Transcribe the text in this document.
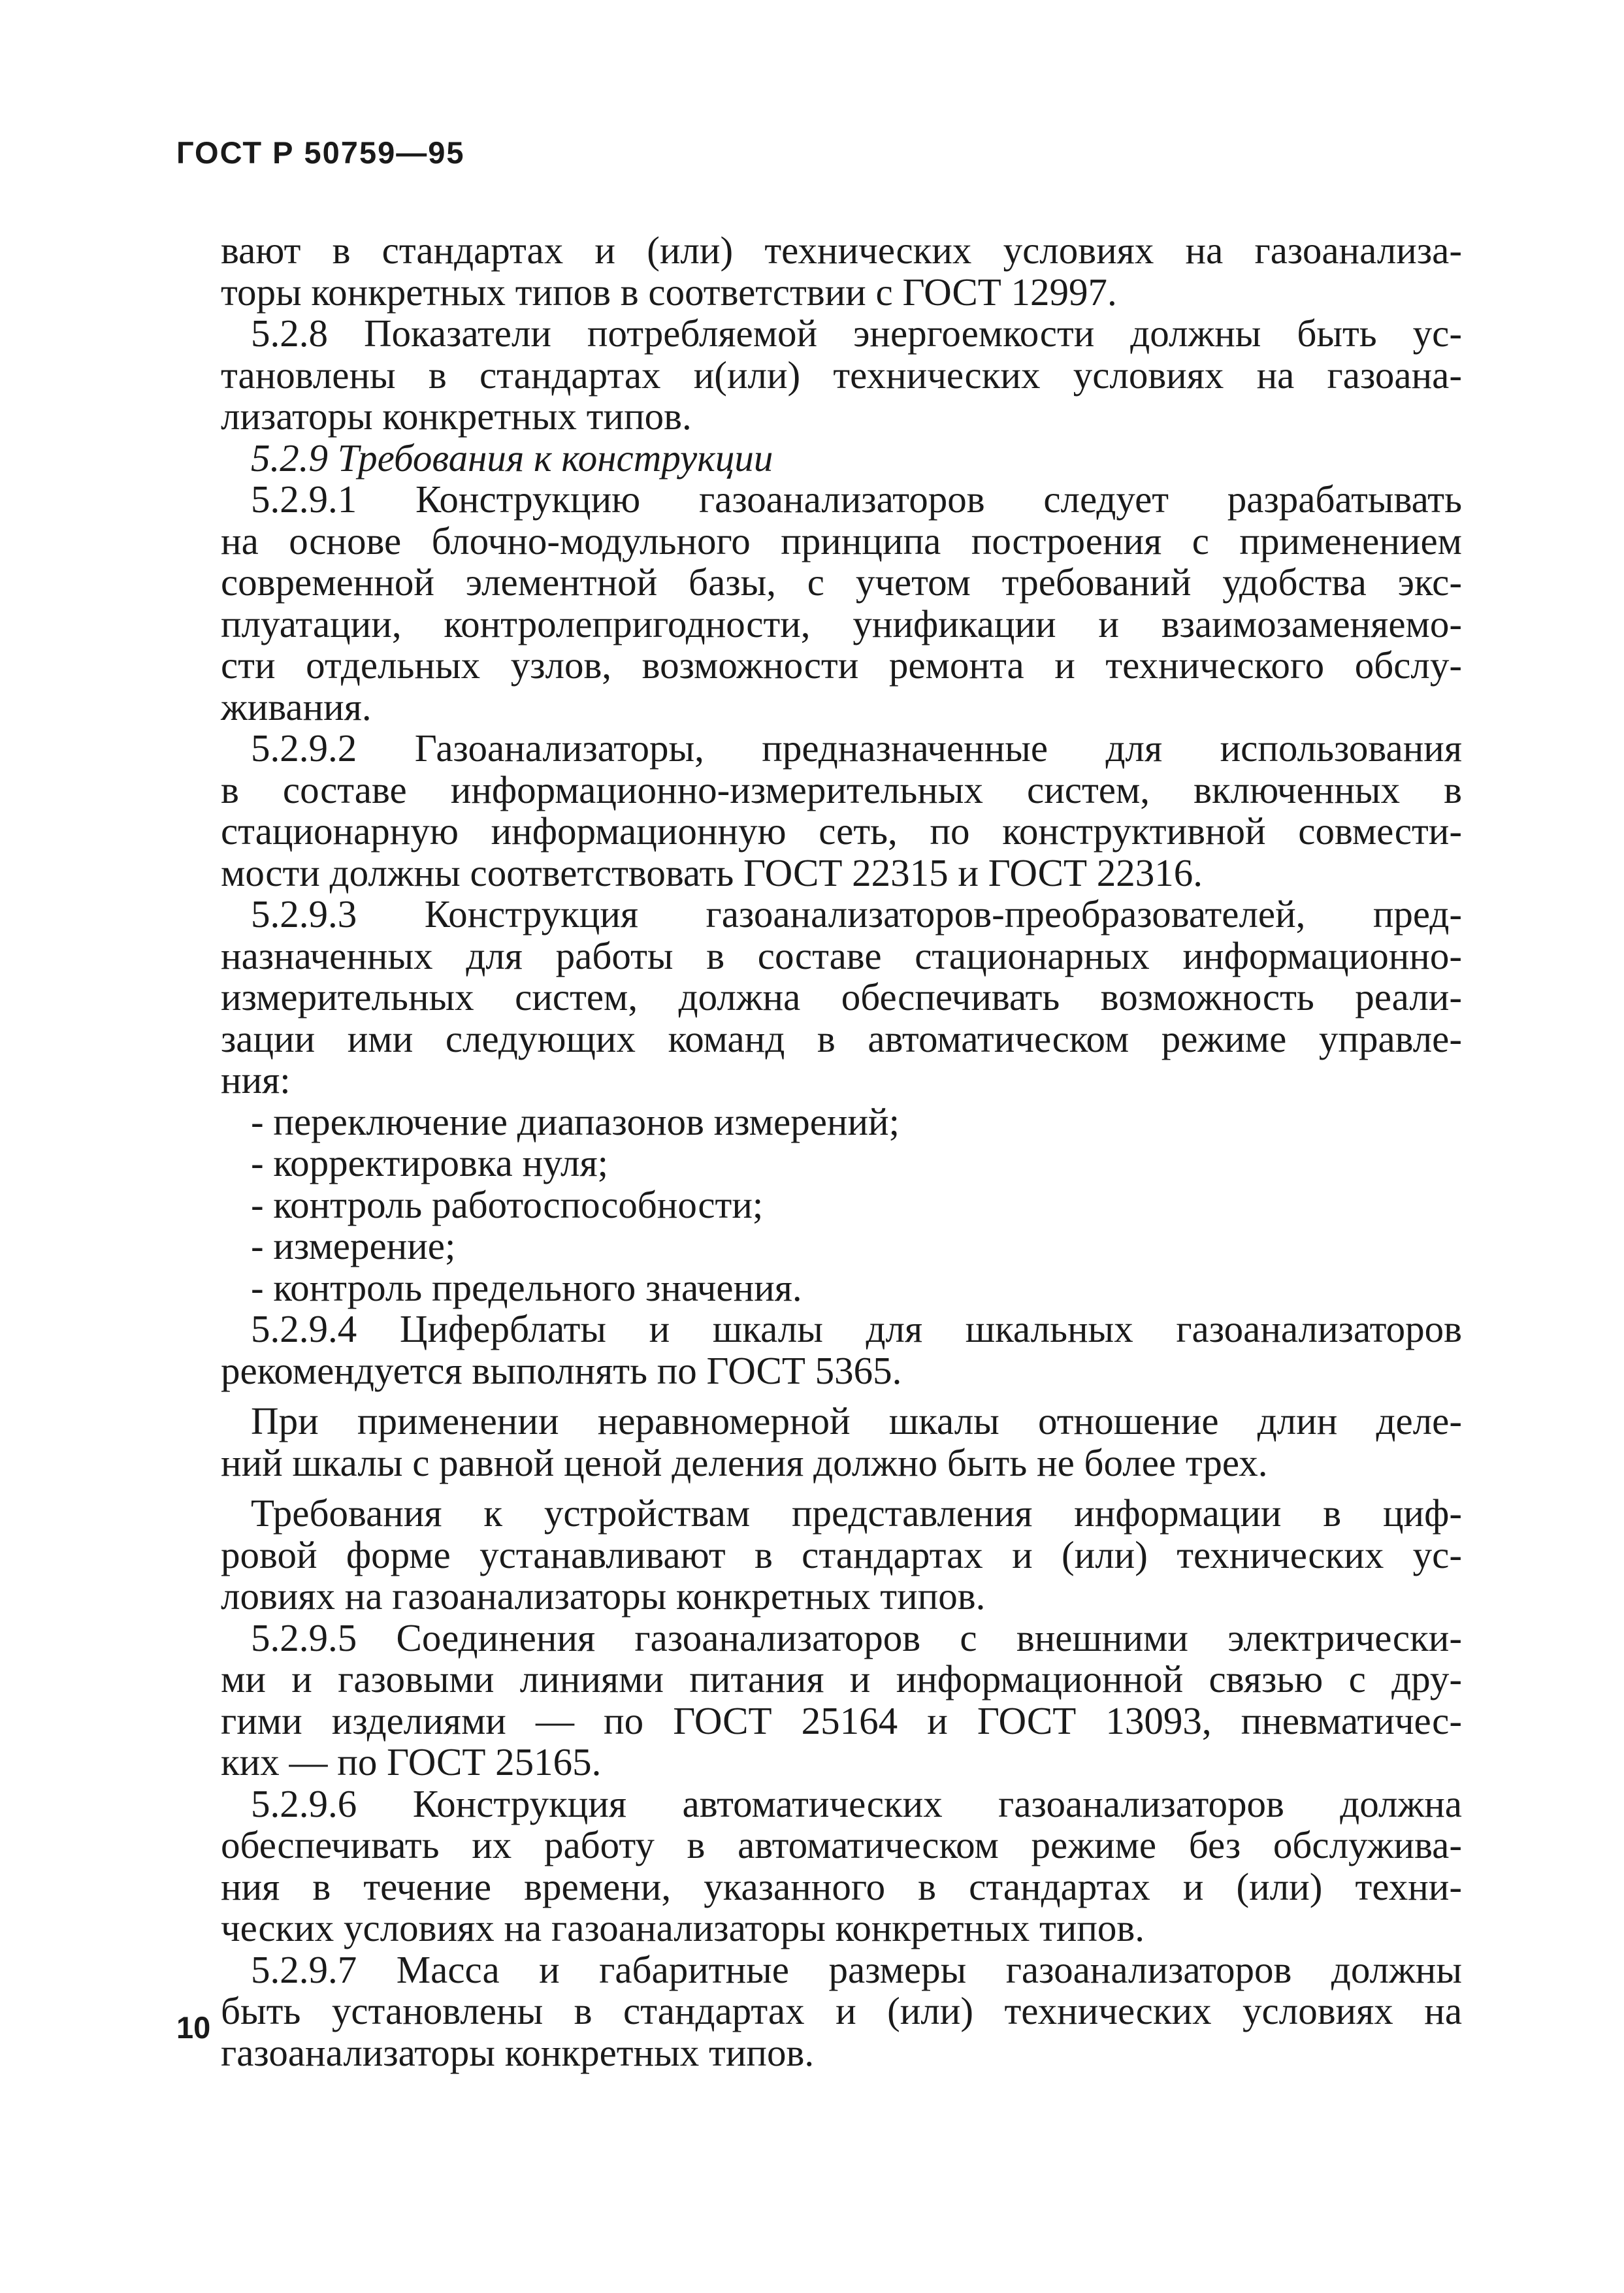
ГОСТ Р 50759—95
вают в стандартах и (или) технических условиях на газоанализа-
торы конкретных типов в соответствии с ГОСТ 12997.
5.2.8 Показатели потребляемой энергоемкости должны быть ус-
тановлены в стандартах и(или) технических условиях на газоана-
лизаторы конкретных типов.
5.2.9 Требования к конструкции
5.2.9.1 Конструкцию газоанализаторов следует разрабатывать
на основе блочно-модульного принципа построения с применением
современной элементной базы, с учетом требований удобства экс-
плуатации, контролепригодности, унификации и взаимозаменяемо-
сти отдельных узлов, возможности ремонта и технического обслу-
живания.
5.2.9.2 Газоанализаторы, предназначенные для использования
в составе информационно-измерительных систем, включенных в
стационарную информационную сеть, по конструктивной совмести-
мости должны соответствовать ГОСТ 22315 и ГОСТ 22316.
5.2.9.3 Конструкция газоанализаторов-преобразователей, пред-
назначенных для работы в составе стационарных информационно-
измерительных систем, должна обеспечивать возможность реали-
зации ими следующих команд в автоматическом режиме управле-
ния:
- переключение диапазонов измерений;
- корректировка нуля;
- контроль работоспособности;
- измерение;
- контроль предельного значения.
5.2.9.4 Циферблаты и шкалы для шкальных газоанализаторов
рекомендуется выполнять по ГОСТ 5365.
При применении неравномерной шкалы отношение длин деле-
ний шкалы с равной ценой деления должно быть не более трех.
Требования к устройствам представления информации в циф-
ровой форме устанавливают в стандартах и (или) технических ус-
ловиях на газоанализаторы конкретных типов.
5.2.9.5 Соединения газоанализаторов с внешними электрически-
ми и газовыми линиями питания и информационной связью с дру-
гими изделиями — по ГОСТ 25164 и ГОСТ 13093, пневматичес-
ких — по ГОСТ 25165.
5.2.9.6 Конструкция автоматических газоанализаторов должна
обеспечивать их работу в автоматическом режиме без обслужива-
ния в течение времени, указанного в стандартах и (или) техни-
ческих условиях на газоанализаторы конкретных типов.
5.2.9.7 Масса и габаритные размеры газоанализаторов должны
быть установлены в стандартах и (или) технических условиях на
газоанализаторы конкретных типов.
10
